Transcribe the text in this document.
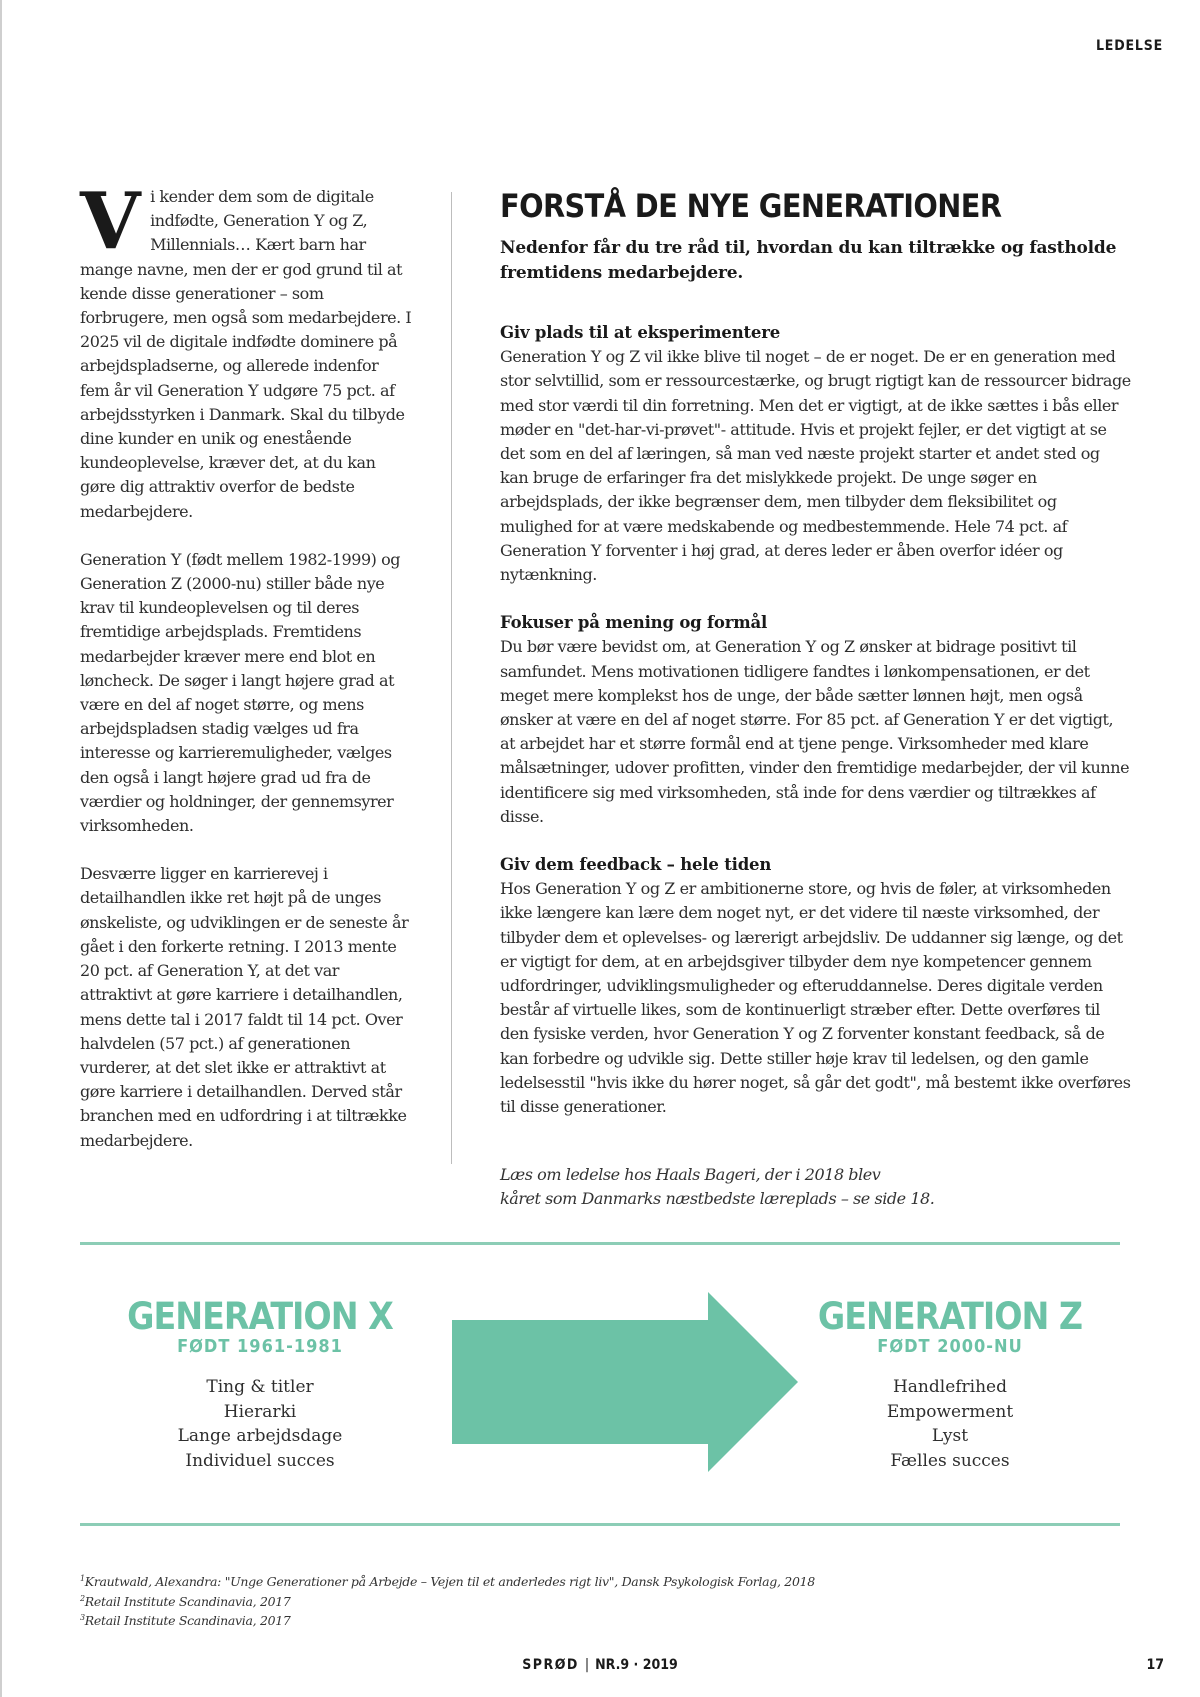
LEDELSE

Vi kender dem som de digitale indfødte, Generation Y og Z, Millennials… Kært barn har mange navne, men der er god grund til at kende disse generationer – som forbrugere, men også som medarbejdere. I 2025 vil de digitale indfødte dominere på arbejdspladserne, og allerede indenfor fem år vil Generation Y udgøre 75 pct. af arbejdsstyrken i Danmark. Skal du tilbyde dine kunder en unik og enestående kundeoplevelse, kræver det, at du kan gøre dig attraktiv overfor de bedste medarbejdere.

Generation Y (født mellem 1982-1999) og Generation Z (2000-nu) stiller både nye krav til kundeoplevelsen og til deres fremtidige arbejdsplads. Fremtidens medarbejder kræver mere end blot en løncheck. De søger i langt højere grad at være en del af noget større, og mens arbejdspladsen stadig vælges ud fra interesse og karrieremuligheder, vælges den også i langt højere grad ud fra de værdier og holdninger, der gennemsyrer virksomheden.

Desværre ligger en karrierevej i detailhandlen ikke ret højt på de unges ønskeliste, og udviklingen er de seneste år gået i den forkerte retning. I 2013 mente 20 pct. af Generation Y, at det var attraktivt at gøre karriere i detailhandlen, mens dette tal i 2017 faldt til 14 pct. Over halvdelen (57 pct.) af generationen vurderer, at det slet ikke er attraktivt at gøre karriere i detailhandlen. Derved står branchen med en udfordring i at tiltrække medarbejdere.

FORSTÅ DE NYE GENERATIONER

Nedenfor får du tre råd til, hvordan du kan tiltrække og fastholde fremtidens medarbejdere.

Giv plads til at eksperimentere

Generation Y og Z vil ikke blive til noget – de er noget. De er en generation med stor selvtillid, som er ressourcestærke, og brugt rigtigt kan de ressourcer bidrage med stor værdi til din forretning. Men det er vigtigt, at de ikke sættes i bås eller møder en "det-har-vi-prøvet"- attitude. Hvis et projekt fejler, er det vigtigt at se det som en del af læringen, så man ved næste projekt starter et andet sted og kan bruge de erfaringer fra det mislykkede projekt. De unge søger en arbejdsplads, der ikke begrænser dem, men tilbyder dem fleksibilitet og mulighed for at være medskabende og medbestemmende. Hele 74 pct. af Generation Y forventer i høj grad, at deres leder er åben overfor idéer og nytænkning.

Fokuser på mening og formål

Du bør være bevidst om, at Generation Y og Z ønsker at bidrage positivt til samfundet. Mens motivationen tidligere fandtes i lønkompensationen, er det meget mere komplekst hos de unge, der både sætter lønnen højt, men også ønsker at være en del af noget større. For 85 pct. af Generation Y er det vigtigt, at arbejdet har et større formål end at tjene penge. Virksomheder med klare målsætninger, udover profitten, vinder den fremtidige medarbejder, der vil kunne identificere sig med virksomheden, stå inde for dens værdier og tiltrækkes af disse.

Giv dem feedback – hele tiden

Hos Generation Y og Z er ambitionerne store, og hvis de føler, at virksomheden ikke længere kan lære dem noget nyt, er det videre til næste virksomhed, der tilbyder dem et oplevelses- og lærerigt arbejdsliv. De uddanner sig længe, og det er vigtigt for dem, at en arbejdsgiver tilbyder dem nye kompetencer gennem udfordringer, udviklingsmuligheder og efteruddannelse. Deres digitale verden består af virtuelle likes, som de kontinuerligt stræber efter. Dette overføres til den fysiske verden, hvor Generation Y og Z forventer konstant feedback, så de kan forbedre og udvikle sig. Dette stiller høje krav til ledelsen, og den gamle ledelsesstil "hvis ikke du hører noget, så går det godt", må bestemt ikke overføres til disse generationer.

Læs om ledelse hos Haals Bageri, der i 2018 blev
kåret som Danmarks næstbedste læreplads – se side 18.

GENERATION X
FØDT 1961-1981
Ting & titler
Hierarki
Lange arbejdsdage
Individuel succes
GENERATION Z
FØDT 2000-NU
Handlefrihed
Empowerment
Lyst
Fælles succes
$^1$Krautwald, Alexandra: "Unge Generationer på Arbejde – Vejen til et anderledes rigt liv", Dansk Psykologisk Forlag, 2018
$^2$Retail Institute Scandinavia, 2017
$^3$Retail Institute Scandinavia, 2017
SPRØD | NR.9 · 2019	17
